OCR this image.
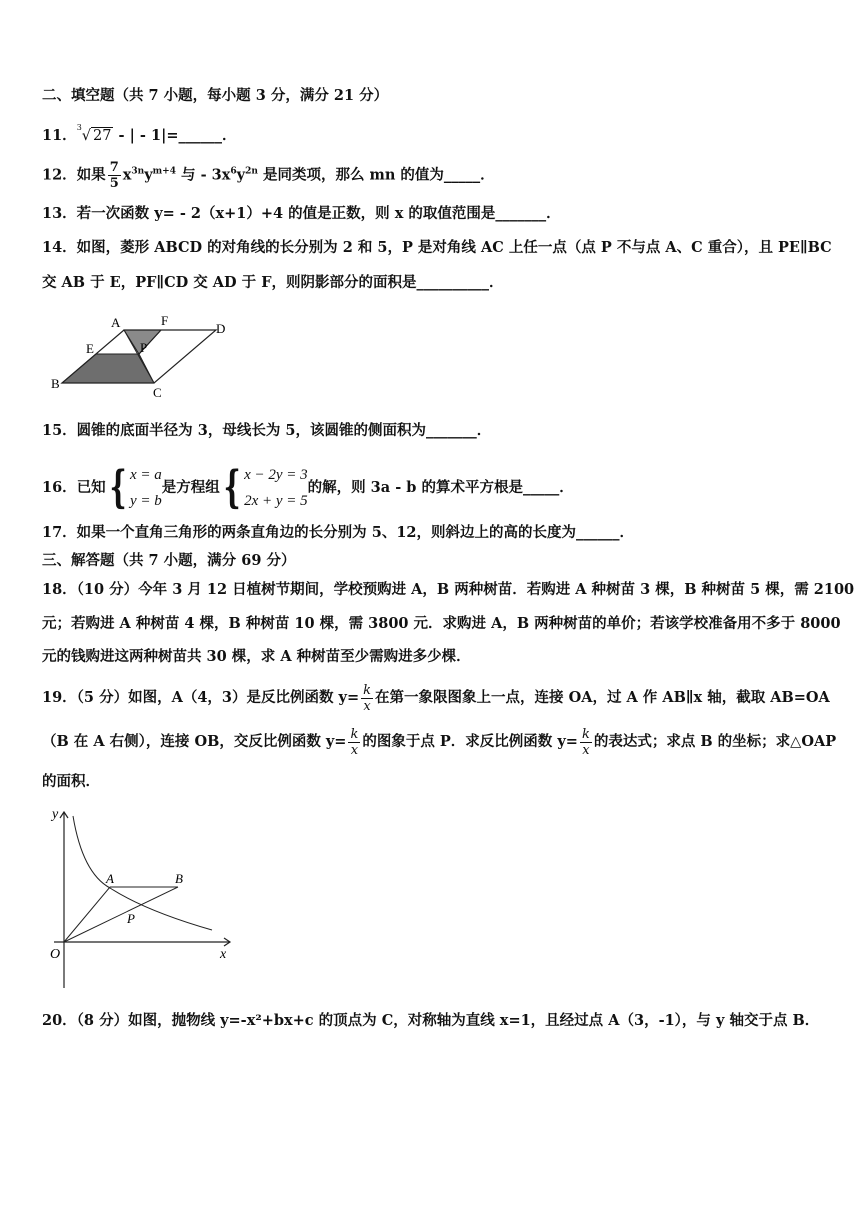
二、填空题（共 7 小题，每小题 3 分，满分 21 分）
11．$^3$√ 27 - | - 1|=______．
12．如果 $\frac{7}{5} x^{3n}y^{m+4}$ 与 - $3x^6y^{2n}$ 是同类项，那么 mn 的值为_____．
13．若一次函数 y= - 2（x+1）+4 的值是正数，则 x 的取值范围是_______．
14．如图，菱形 ABCD 的对角线的长分别为 2 和 5，P 是对角线 AC 上任一点（点 P 不与点 A、C 重合），且 PE∥BC
交 AB 于 E，PF∥CD 交 AD 于 F，则阴影部分的面积是__________．
A	F
D
E	P
B
C
15．圆锥的底面半径为 3，母线长为 5，该圆锥的侧面积为_______．
16．已知{ x = a
y = b
是方程组{ x − 2y = 3
2x + y = 5
的解，则 3a - b 的算术平方根是_____．
17．如果一个直角三角形的两条直角边的长分别为 5、12，则斜边上的高的长度为______．
三、解答题（共 7 小题，满分 69 分）
18．（10 分）今年 3 月 12 日植树节期间，学校预购进 A，B 两种树苗．若购进 A 种树苗 3 棵，B 种树苗 5 棵，需 2100
元；若购进 A 种树苗 4 棵，B 种树苗 10 棵，需 3800 元．求购进 A，B 两种树苗的单价；若该学校准备用不多于 8000
元的钱购进这两种树苗共 30 棵，求 A 种树苗至少需购进多少棵．
19．（5 分）如图，A（4，3）是反比例函数 $y= \frac{k}{x}$ 在第一象限图象上一点，连接 OA，过 A 作 AB∥x 轴，截取 AB=OA
（B 在 A 右侧），连接 OB，交反比例函数 $y= \frac{k}{x}$ 的图象于点 P．求反比例函数 $y= \frac{k}{x}$ 的表达式；求点 B 的坐标；求△OAP
的面积．
y
x
O
A	B
P
20．（8 分）如图，抛物线 y=-x²+bx+c 的顶点为 C，对称轴为直线 x=1，且经过点 A（3，-1），与 y 轴交于点 B．
